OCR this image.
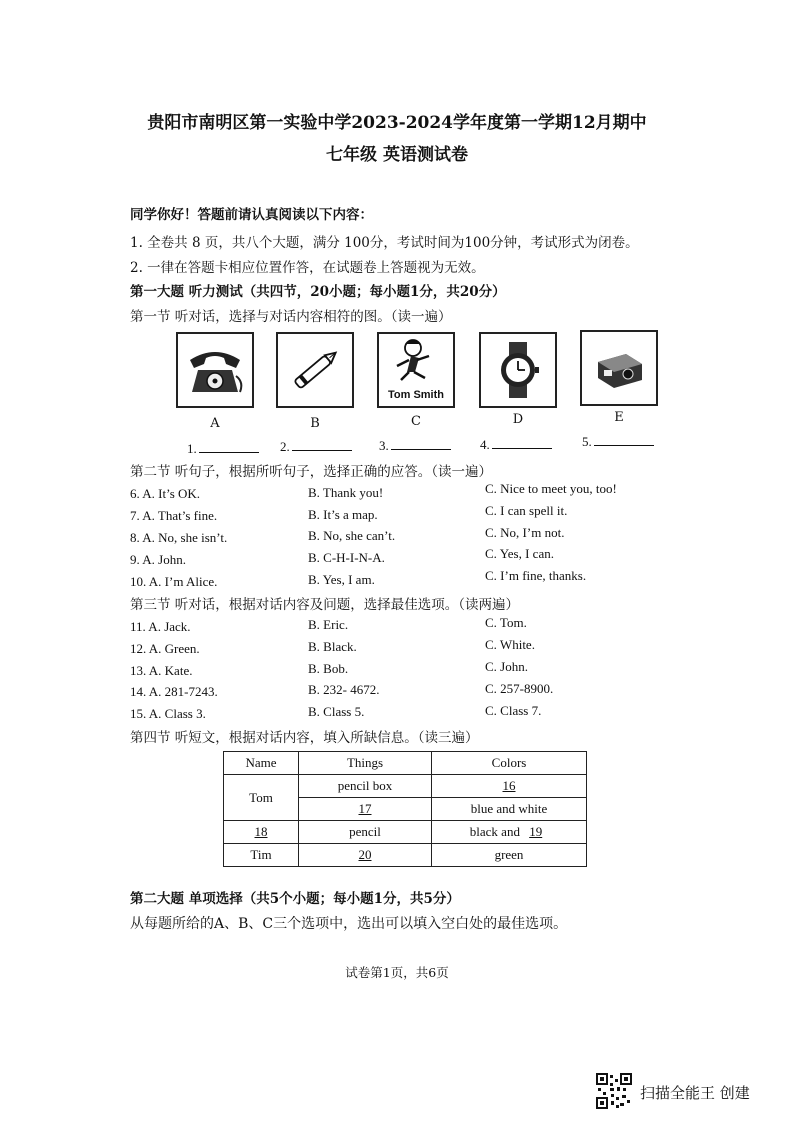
贵阳市南明区第一实验中学2023-2024学年度第一学期12月期中
七年级 英语测试卷
同学你好！答题前请认真阅读以下内容：
1. 全卷共 8 页，共八个大题，满分 100分，考试时间为100分钟，考试形式为闭卷。
2. 一律在答题卡相应位置作答，在试题卷上答题视为无效。
第一大题 听力测试（共四节，20小题；每小题1分，共20分）
第一节 听对话，选择与对话内容相符的图。（读一遍）
Tom Smith
A	B	C	D	E
1.	2.	3.	4.	5.
第二节 听句子，根据所听句子，选择正确的应答。（读一遍）
6. A. It’s OK.	B. Thank you!	C. Nice to meet you, too!
7. A. That’s fine.	B. It’s a map.	C. I can spell it.
8. A. No, she isn’t.	B. No, she can’t.	C. No, I’m not.
9. A. John.	B. C-H-I-N-A.	C. Yes, I can.
10. A. I’m Alice.	B. Yes, I am.	C. I’m fine, thanks.
第三节 听对话，根据对话内容及问题，选择最佳选项。（读两遍）
11. A. Jack.	B. Eric.	C. Tom.
12. A. Green.	B. Black.	C. White.
13. A. Kate.	B. Bob.	C. John.
14. A. 281-7243.	B. 232- 4672.	C. 257-8900.
15. A. Class 3.	B. Class 5.	C. Class 7.
第四节 听短文，根据对话内容，填入所缺信息。（读三遍）
Name	Things	Colors
Tom	pencil box	16
	17	blue and white
18	pencil	black and 19
Tim	20	green
第二大题 单项选择（共5个小题；每小题1分，共5分）
从每题所给的A、B、C三个选项中，选出可以填入空白处的最佳选项。
试卷第1页，共6页
扫描全能王 创建
